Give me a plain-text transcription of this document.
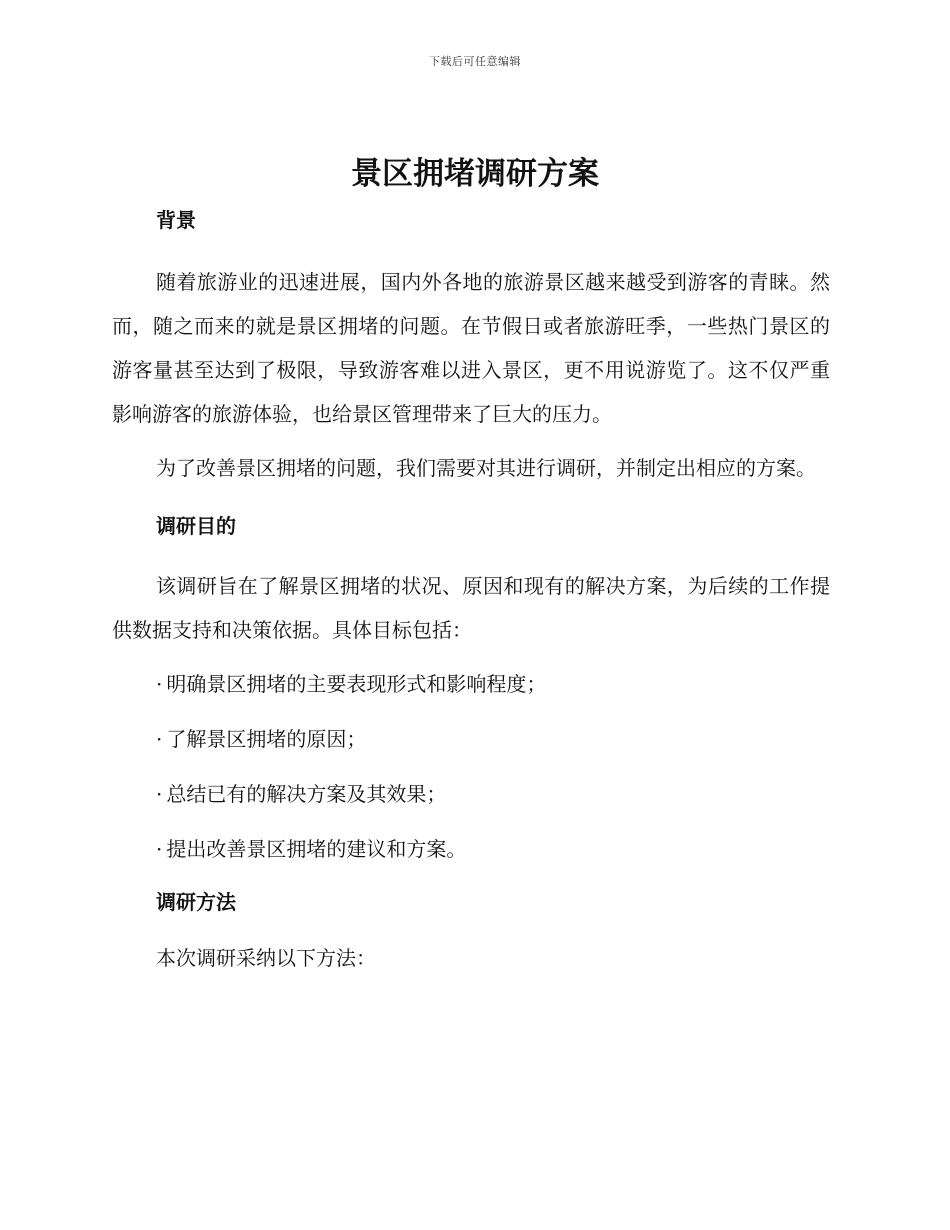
下载后可任意编辑
景区拥堵调研方案
背景

随着旅游业的迅速进展，国内外各地的旅游景区越来越受到游客的青睐。然而，随之而来的就是景区拥堵的问题。在节假日或者旅游旺季，一些热门景区的游客量甚至达到了极限，导致游客难以进入景区，更不用说游览了。这不仅严重影响游客的旅游体验，也给景区管理带来了巨大的压力。

为了改善景区拥堵的问题，我们需要对其进行调研，并制定出相应的方案。

调研目的

该调研旨在了解景区拥堵的状况、原因和现有的解决方案，为后续的工作提供数据支持和决策依据。具体目标包括：

· 明确景区拥堵的主要表现形式和影响程度；
· 了解景区拥堵的原因；
· 总结已有的解决方案及其效果；
· 提出改善景区拥堵的建议和方案。
调研方法

本次调研采纳以下方法：
